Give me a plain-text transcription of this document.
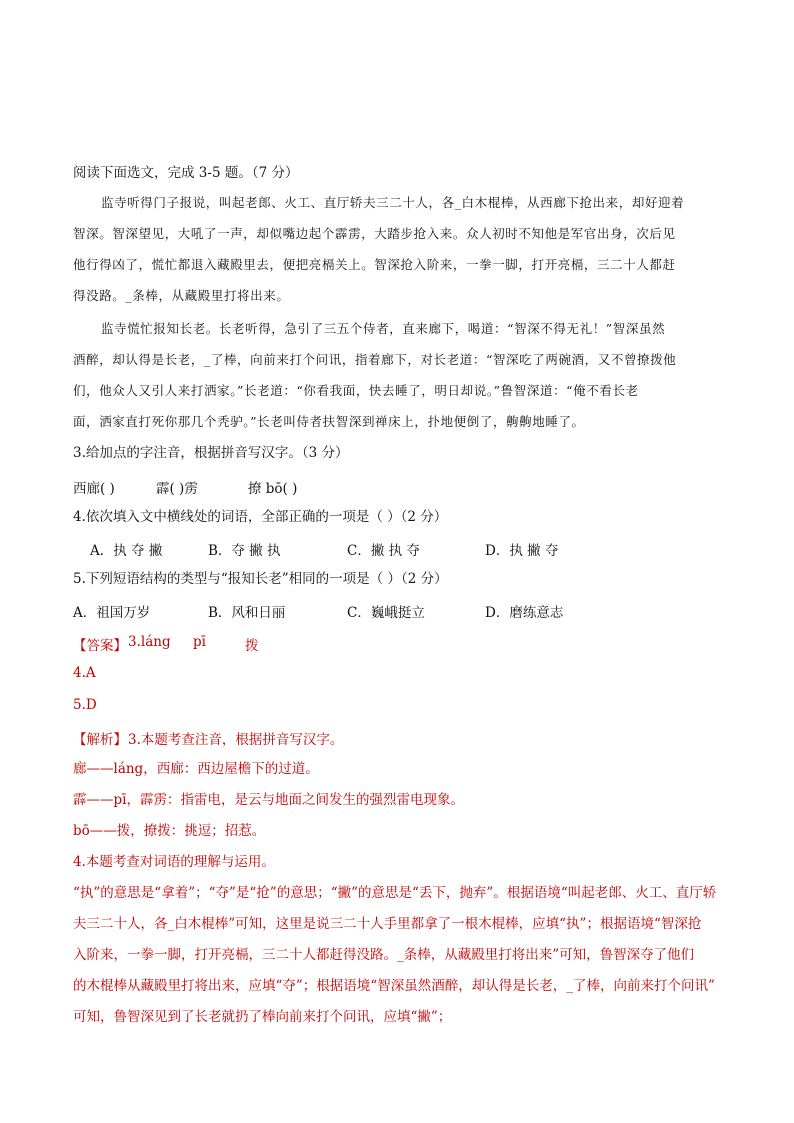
阅读下面选文，完成 3-5 题。（7 分）
监寺听得门子报说，叫起老郎、火工、直厅轿夫三二十人，各_白木棍棒，从西廊下抢出来，却好迎着
智深。智深望见，大吼了一声，却似嘴边起个霹雳，大踏步抢入来。众人初时不知他是军官出身，次后见
他行得凶了，慌忙都退入藏殿里去，便把亮槅关上。智深抢入阶来，一拳一脚，打开亮槅，三二十人都赶
得没路。_条棒，从藏殿里打将出来。
监寺慌忙报知长老。长老听得，急引了三五个侍者，直来廊下，喝道：“智深不得无礼！”智深虽然
酒醉，却认得是长老，_了棒，向前来打个问讯，指着廊下，对长老道：“智深吃了两碗酒，又不曾撩拨他
们，他众人又引人来打洒家。”长老道：“你看我面，快去睡了，明日却说。”鲁智深道：“俺不看长老
面，洒家直打死你那几个秃驴。”长老叫侍者扶智深到禅床上，扑地便倒了，齁齁地睡了。
3.给加点的字注音，根据拼音写汉字。（3 分）
西廊( )	霹( )雳	撩 bō( )
4.依次填入文中横线处的词语，全部正确的一项是（ ）（2 分）
A．执 夺 撇	B．夺 撇 执	C．撇 执 夺	D．执 撇 夺
5.下列短语结构的类型与“报知长老”相同的一项是（ ）（2 分）
A．祖国万岁	B．风和日丽	C．巍峨挺立	D．磨练意志
【答案】 3.láng pī	拨
4.A
5.D
【解析】 3.本题考查注音，根据拼音写汉字。
廊——láng，西廊：西边屋檐下的过道。
霹——pī，霹雳：指雷电，是云与地面之间发生的强烈雷电现象。
bō——拨，撩拨：挑逗；招惹。
4.本题考查对词语的理解与运用。
“执”的意思是“拿着”；“夺”是“抢”的意思；“撇”的意思是“丢下，抛弃”。根据语境“叫起老郎、火工、直厅轿
夫三二十人，各_白木棍棒”可知，这里是说三二十人手里都拿了一根木棍棒，应填“执”；根据语境“智深抢
入阶来，一拳一脚，打开亮槅，三二十人都赶得没路。_条棒，从藏殿里打将出来”可知，鲁智深夺了他们
的木棍棒从藏殿里打将出来，应填“夺”；根据语境“智深虽然酒醉，却认得是长老，_了棒，向前来打个问讯”
可知，鲁智深见到了长老就扔了棒向前来打个问讯，应填“撇”；
